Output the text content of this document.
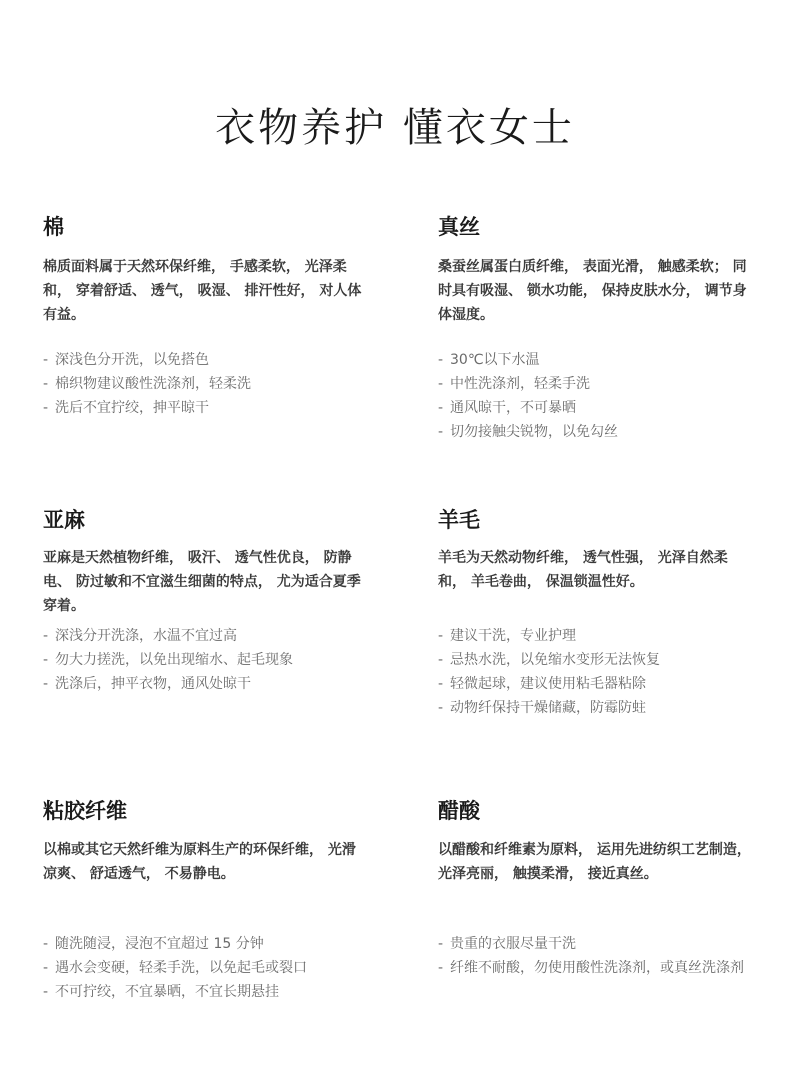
衣物养护 懂衣女士
棉
棉质面料属于天然环保纤维， 手感柔软， 光泽柔和， 穿着舒适、 透气， 吸湿、 排汗性好， 对人体有益。
- 深浅色分开洗，以免搭色
- 棉织物建议酸性洗涤剂，轻柔洗
- 洗后不宜拧绞，抻平晾干
真丝
桑蚕丝属蛋白质纤维， 表面光滑， 触感柔软； 同时具有吸湿、 锁水功能， 保持皮肤水分， 调节身体湿度。
- 30℃以下水温
- 中性洗涤剂，轻柔手洗
- 通风晾干，不可暴晒
- 切勿接触尖锐物，以免勾丝
亚麻
亚麻是天然植物纤维， 吸汗、 透气性优良， 防静电、 防过敏和不宜滋生细菌的特点， 尤为适合夏季穿着。
- 深浅分开洗涤，水温不宜过高
- 勿大力搓洗，以免出现缩水、起毛现象
- 洗涤后，抻平衣物，通风处晾干
羊毛
羊毛为天然动物纤维， 透气性强， 光泽自然柔和， 羊毛卷曲， 保温锁温性好。
- 建议干洗，专业护理
- 忌热水洗，以免缩水变形无法恢复
- 轻微起球，建议使用粘毛器粘除
- 动物纤保持干燥储藏，防霉防蛀
粘胶纤维
以棉或其它天然纤维为原料生产的环保纤维， 光滑凉爽、 舒适透气， 不易静电。
- 随洗随浸，浸泡不宜超过 15 分钟
- 遇水会变硬，轻柔手洗，以免起毛或裂口
- 不可拧绞，不宜暴晒，不宜长期悬挂
醋酸
以醋酸和纤维素为原料， 运用先进纺织工艺制造， 光泽亮丽， 触摸柔滑， 接近真丝。
- 贵重的衣服尽量干洗
- 纤维不耐酸，勿使用酸性洗涤剂，或真丝洗涤剂
